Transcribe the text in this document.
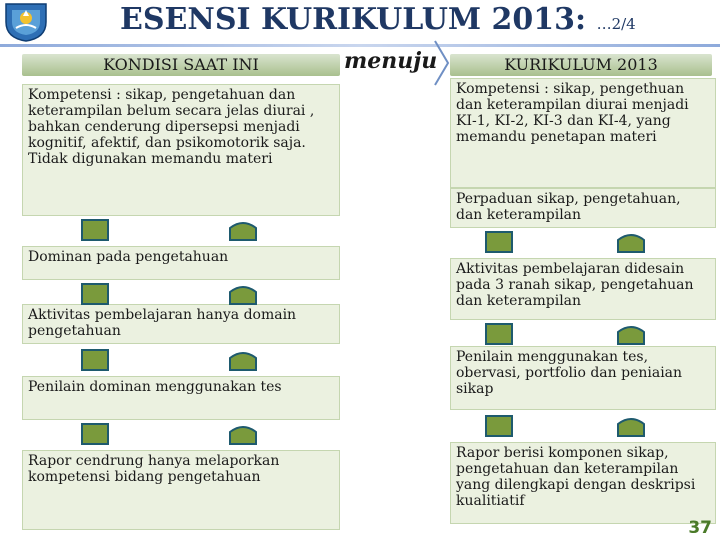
ESENSI KURIKULUM 2013: …2/4
KONDISI SAAT INI	menuju	KURIKULUM 2013
Kompetensi : sikap, pengetahuan dan keterampilan belum secara jelas diurai , bahkan cenderung dipersepsi menjadi kognitif, afektif, dan psikomotorik saja. Tidak digunakan memandu materi
Dominan pada pengetahuan
Aktivitas pembelajaran hanya domain pengetahuan
Penilain dominan menggunakan tes
Rapor cendrung hanya melaporkan kompetensi bidang pengetahuan
Kompetensi : sikap, pengethuan dan keterampilan diurai menjadi KI-1, KI-2, KI-3 dan KI-4, yang memandu penetapan materi
Perpaduan sikap, pengetahuan, dan keterampilan
Aktivitas pembelajaran didesain pada 3 ranah sikap, pengetahuan dan keterampilan
Penilain menggunakan tes, obervasi, portfolio dan peniaian sikap
Rapor berisi komponen sikap, pengetahuan dan keterampilan yang dilengkapi dengan deskripsi kualitiatif
37
